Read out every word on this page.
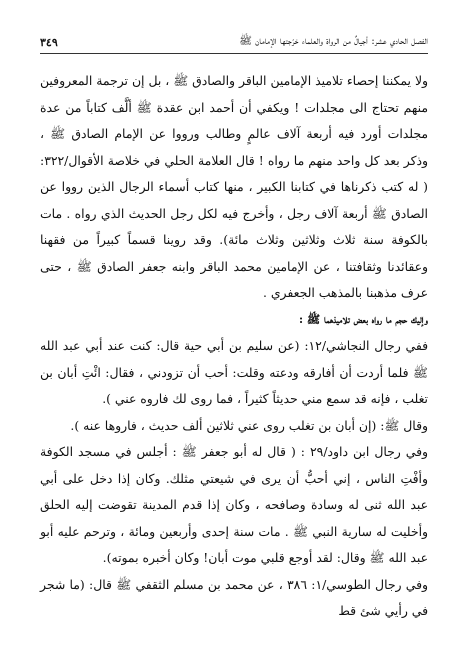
الفصل الحادي عشر: أجيالٌ من الرواة والعلماء خرّجتها الإمامان ﷺ
٣٤٩

ولا يمكننا إحصاء تلاميذ الإمامين الباقر والصادق ﷺ ، بل إن ترجمة المعروفين منهم تحتاج الى مجلدات ! ويكفي أن أحمد ابن عقدة ﷺ ألَّف كتاباً من عدة مجلدات أورد فيه أربعة آلاف عالمٍ وطالب ورووا عن الإمام الصادق ﷺ ، وذكر بعد كل واحد منهم ما رواه ! قال العلامة الحلي في خلاصة الأقوال/٣٢٢: ( له كتب ذكرناها في كتابنا الكبير ، منها كتاب أسماء الرجال الذين رووا عن الصادق ﷺ أربعة آلاف رجل ، وأخرج فيه لكل رجل الحديث الذي رواه . مات بالكوفة سنة ثلاث وثلاثين وثلاث مائة). وقد روينا قسماً كبيراً من فقهنا وعقائدنا وثقافتنا ، عن الإمامين محمد الباقر وابنه جعفر الصادق ﷺ ، حتى عرف مذهبنا بالمذهب الجعفري .

وإليك حجم ما رواه بعض تلاميذهما ﷺ :

ففي رجال النجاشي/١٢: (عن سليم بن أبي حية قال: كنت عند أبي عبد الله ﷺ فلما أردت أن أفارقه ودعته وقلت: أحب أن تزودني ، فقال: ائْتِ أبان بن تغلب ، فإنه قد سمع مني حديثاً كثيراً ، فما روى لك فاروه عني ).

وقال ﷺ: (إن أبان بن تغلب روى عني ثلاثين ألف حديث ، فاروها عنه ).

وفي رجال ابن داود/٢٩ : ( قال له أبو جعفر ﷺ : أجلس في مسجد الكوفة وأفْتِ الناس ، إني أحبُّ أن يرى في شيعتي مثلك. وكان إذا دخل على أبي عبد الله ثنى له وسادة وصافحه ، وكان إذا قدم المدينة تقوضت إليه الحلق وأخليت له سارية النبي ﷺ . مات سنة إحدى وأربعين ومائة ، وترحم عليه أبو عبد الله ﷺ وقال: لقد أوجع قلبي موت أبان! وكان أخبره بموته).

وفي رجال الطوسي/١: ٣٨٦ ، عن محمد بن مسلم الثقفي ﷺ قال: (ما شجر في رأيي شئ قط
